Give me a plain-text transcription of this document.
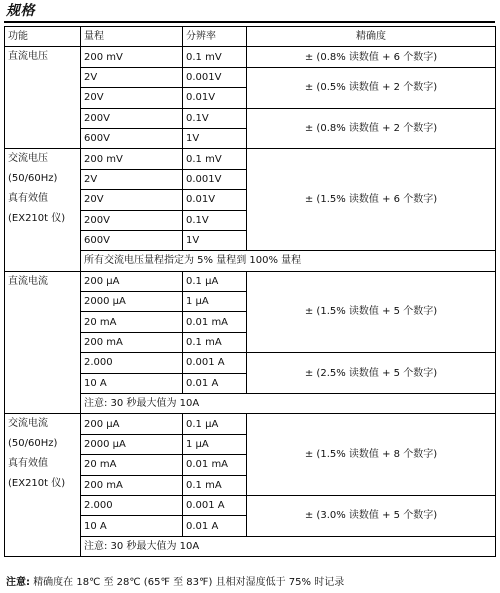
规格
功能	量程	分辨率	精确度

直流电压	200 mV	0.1 mV	± (0.8% 读数值 + 6 个数字)
	2V	0.001V	± (0.5% 读数值 + 2 个数字)
	20V	0.01V	
	200V	0.1V	± (0.8% 读数值 + 2 个数字)
	600V	1V	

交流电压
(50/60Hz)
真有效值
(EX210t 仪)	200 mV	0.1 mV	± (1.5% 读数值 + 6 个数字)
	2V	0.001V	
	20V	0.01V	
	200V	0.1V	
	600V	1V	
	所有交流电压量程指定为 5% 量程到 100% 量程		

直流电流	200 µA	0.1 µA	± (1.5% 读数值 + 5 个数字)
	2000 µA	1 µA	
	20 mA	0.01 mA	
	200 mA	0.1 mA	
	2.000	0.001 A	± (2.5% 读数值 + 5 个数字)
	10 A	0.01 A	
	注意: 30 秒最大值为 10A		

交流电流
(50/60Hz)
真有效值
(EX210t 仪)	200 µA	0.1 µA	± (1.5% 读数值 + 8 个数字)
	2000 µA	1 µA	
	20 mA	0.01 mA	
	200 mA	0.1 mA	
	2.000	0.001 A	± (3.0% 读数值 + 5 个数字)
	10 A	0.01 A	
	注意: 30 秒最大值为 10A		
注意: 精确度在 18℃ 至 28℃ (65℉ 至 83℉) 且相对湿度低于 75% 时记录
